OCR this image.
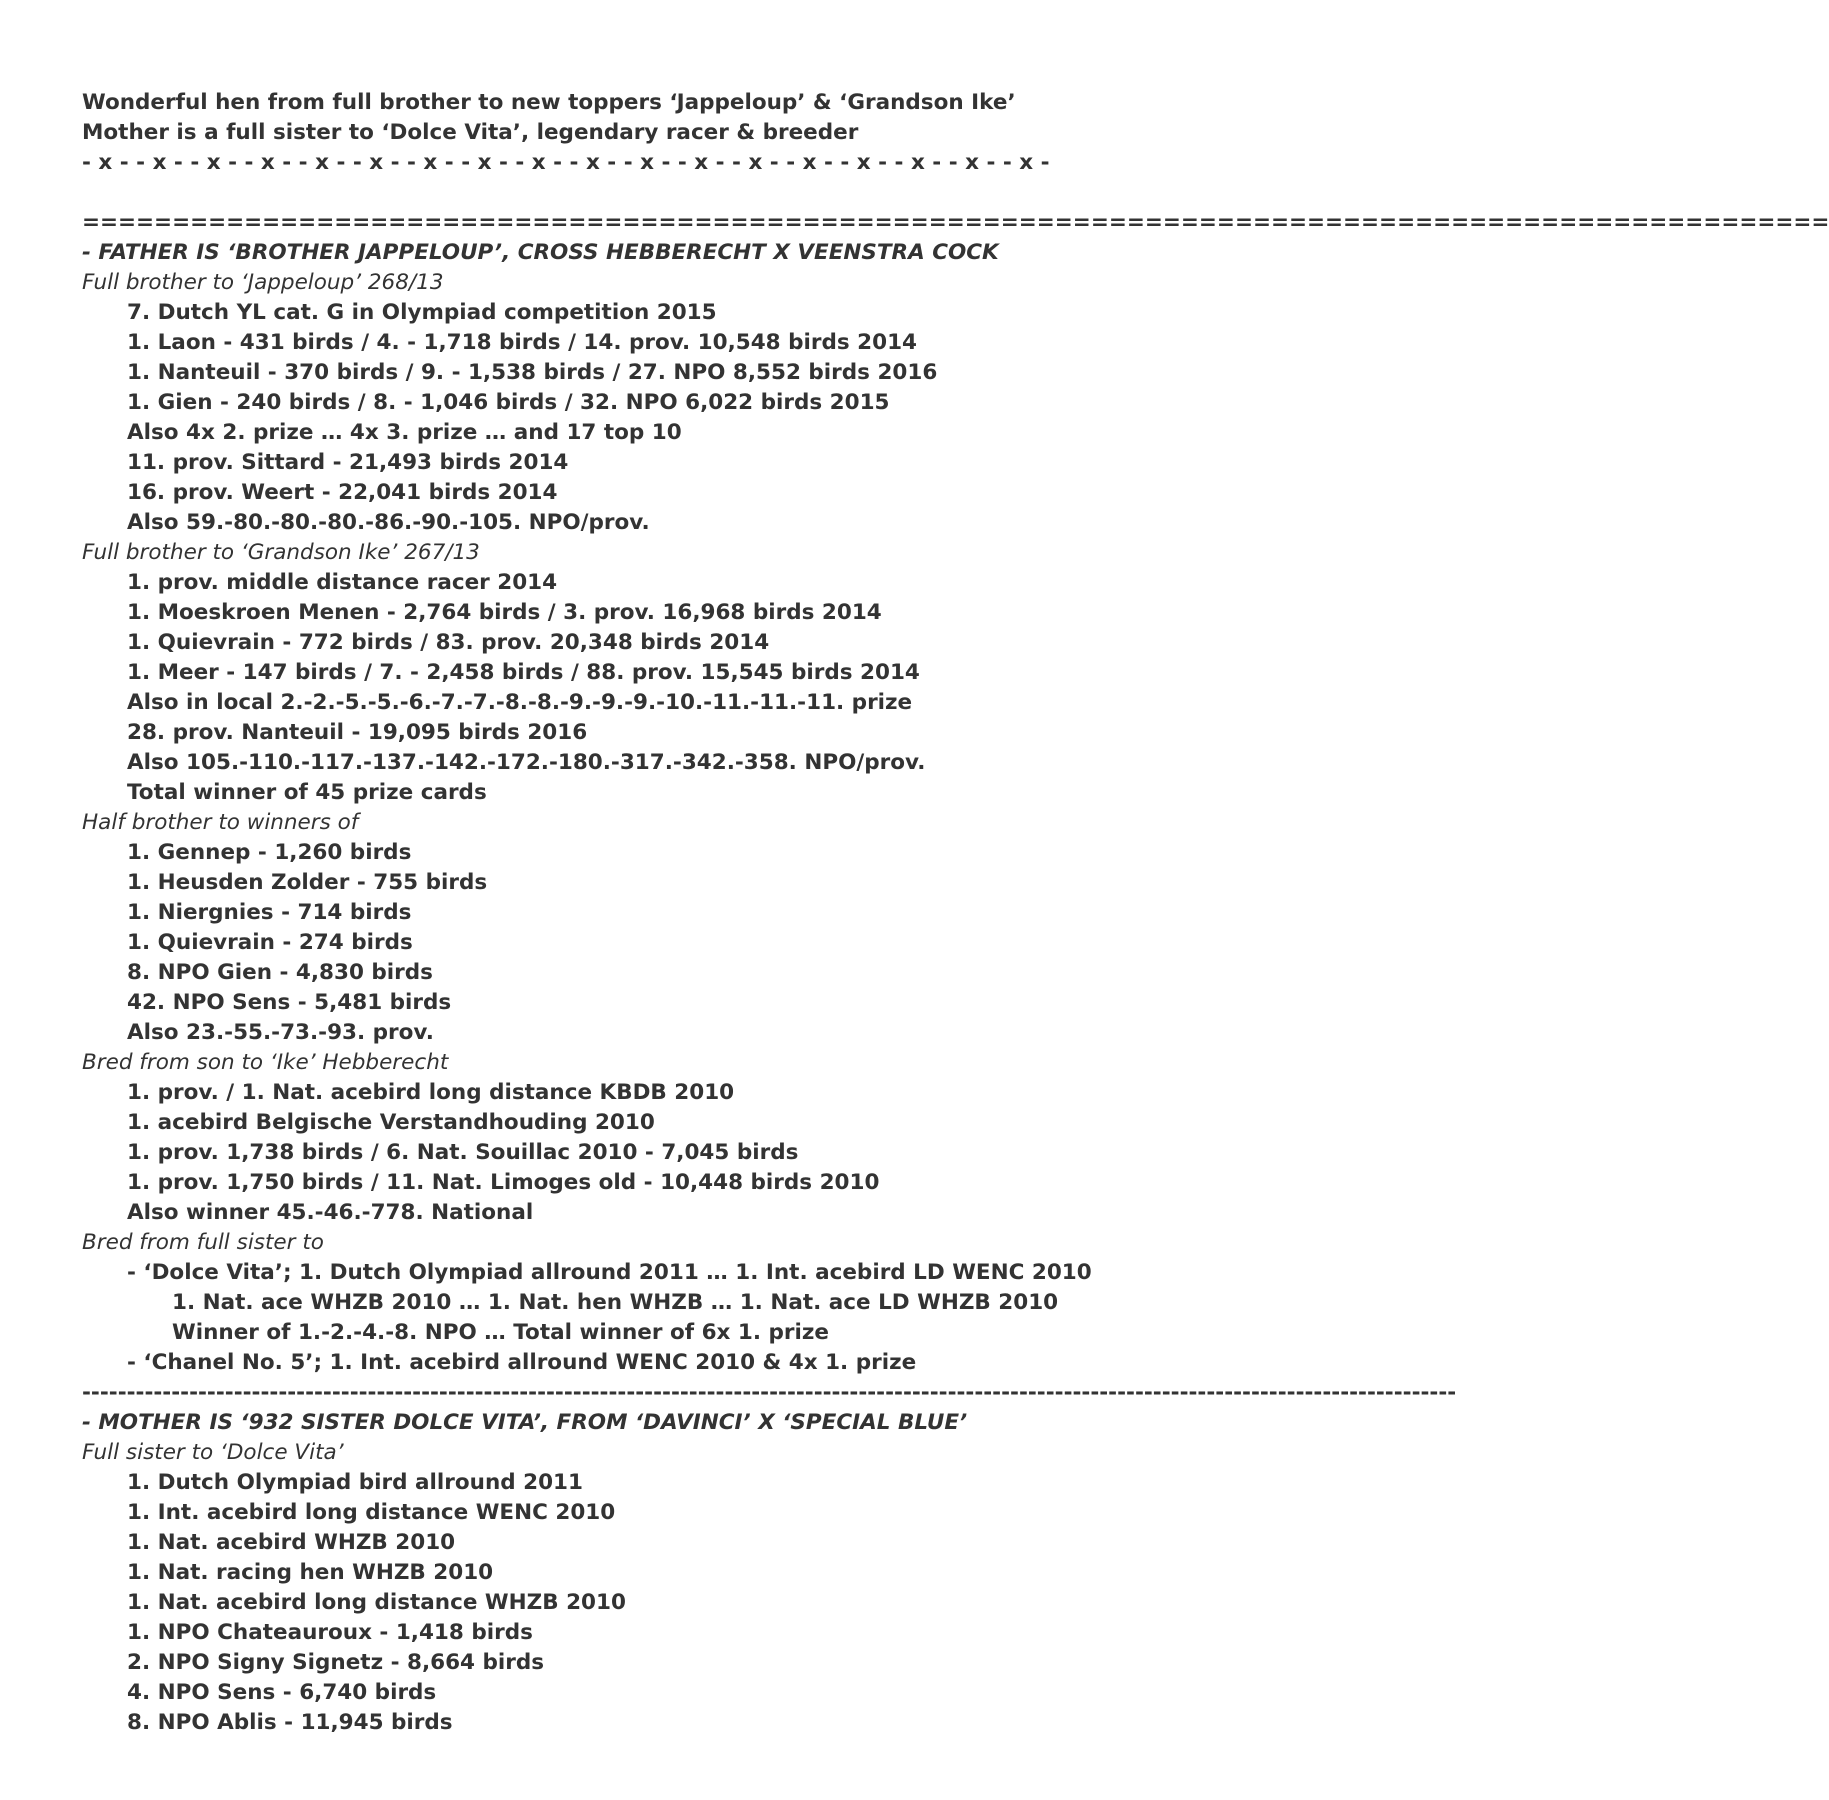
Wonderful hen from full brother to new toppers ‘Jappeloup’ & ‘Grandson Ike’
Mother is a full sister to ‘Dolce Vita’, legendary racer & breeder
- x - - x - - x - - x - - x - - x - - x - - x - - x - - x - - x - - x - - x - - x - - x - - x - - x - - x -
=================================================================================================
- FATHER IS ‘BROTHER JAPPELOUP’, CROSS HEBBERECHT X VEENSTRA COCK
Full brother to ‘Jappeloup’ 268/13
7. Dutch YL cat. G in Olympiad competition 2015
1. Laon - 431 birds / 4. - 1,718 birds / 14. prov. 10,548 birds 2014
1. Nanteuil - 370 birds / 9. - 1,538 birds / 27. NPO 8,552 birds 2016
1. Gien - 240 birds / 8. - 1,046 birds / 32. NPO 6,022 birds 2015
Also 4x 2. prize … 4x 3. prize … and 17 top 10
11. prov. Sittard - 21,493 birds 2014
16. prov. Weert - 22,041 birds 2014
Also 59.-80.-80.-80.-86.-90.-105. NPO/prov.
Full brother to ‘Grandson Ike’ 267/13
1. prov. middle distance racer 2014
1. Moeskroen Menen - 2,764 birds / 3. prov. 16,968 birds 2014
1. Quievrain - 772 birds / 83. prov. 20,348 birds 2014
1. Meer - 147 birds / 7. - 2,458 birds / 88. prov. 15,545 birds 2014
Also in local 2.-2.-5.-5.-6.-7.-7.-8.-8.-9.-9.-9.-10.-11.-11.-11. prize
28. prov. Nanteuil - 19,095 birds 2016
Also 105.-110.-117.-137.-142.-172.-180.-317.-342.-358. NPO/prov.
Total winner of 45 prize cards
Half brother to winners of
1. Gennep - 1,260 birds
1. Heusden Zolder - 755 birds
1. Niergnies - 714 birds
1. Quievrain - 274 birds
8. NPO Gien - 4,830 birds
42. NPO Sens - 5,481 birds
Also 23.-55.-73.-93. prov.
Bred from son to ‘Ike’ Hebberecht
1. prov. / 1. Nat. acebird long distance KBDB 2010
1. acebird Belgische Verstandhouding 2010
1. prov. 1,738 birds / 6. Nat. Souillac 2010 - 7,045 birds
1. prov. 1,750 birds / 11. Nat. Limoges old - 10,448 birds 2010
Also winner 45.-46.-778. National
Bred from full sister to
- ‘Dolce Vita’; 1. Dutch Olympiad allround 2011 … 1. Int. acebird LD WENC 2010
1. Nat. ace WHZB 2010 … 1. Nat. hen WHZB … 1. Nat. ace LD WHZB 2010
Winner of 1.-2.-4.-8. NPO … Total winner of 6x 1. prize
- ‘Chanel No. 5’; 1. Int. acebird allround WENC 2010 & 4x 1. prize
----------------------------------------------------------------------------------------------------------------------------------------------------------
- MOTHER IS ‘932 SISTER DOLCE VITA’, FROM ‘DAVINCI’ X ‘SPECIAL BLUE’
Full sister to ‘Dolce Vita’
1. Dutch Olympiad bird allround 2011
1. Int. acebird long distance WENC 2010
1. Nat. acebird WHZB 2010
1. Nat. racing hen WHZB 2010
1. Nat. acebird long distance WHZB 2010
1. NPO Chateauroux - 1,418 birds
2. NPO Signy Signetz - 8,664 birds
4. NPO Sens - 6,740 birds
8. NPO Ablis - 11,945 birds
